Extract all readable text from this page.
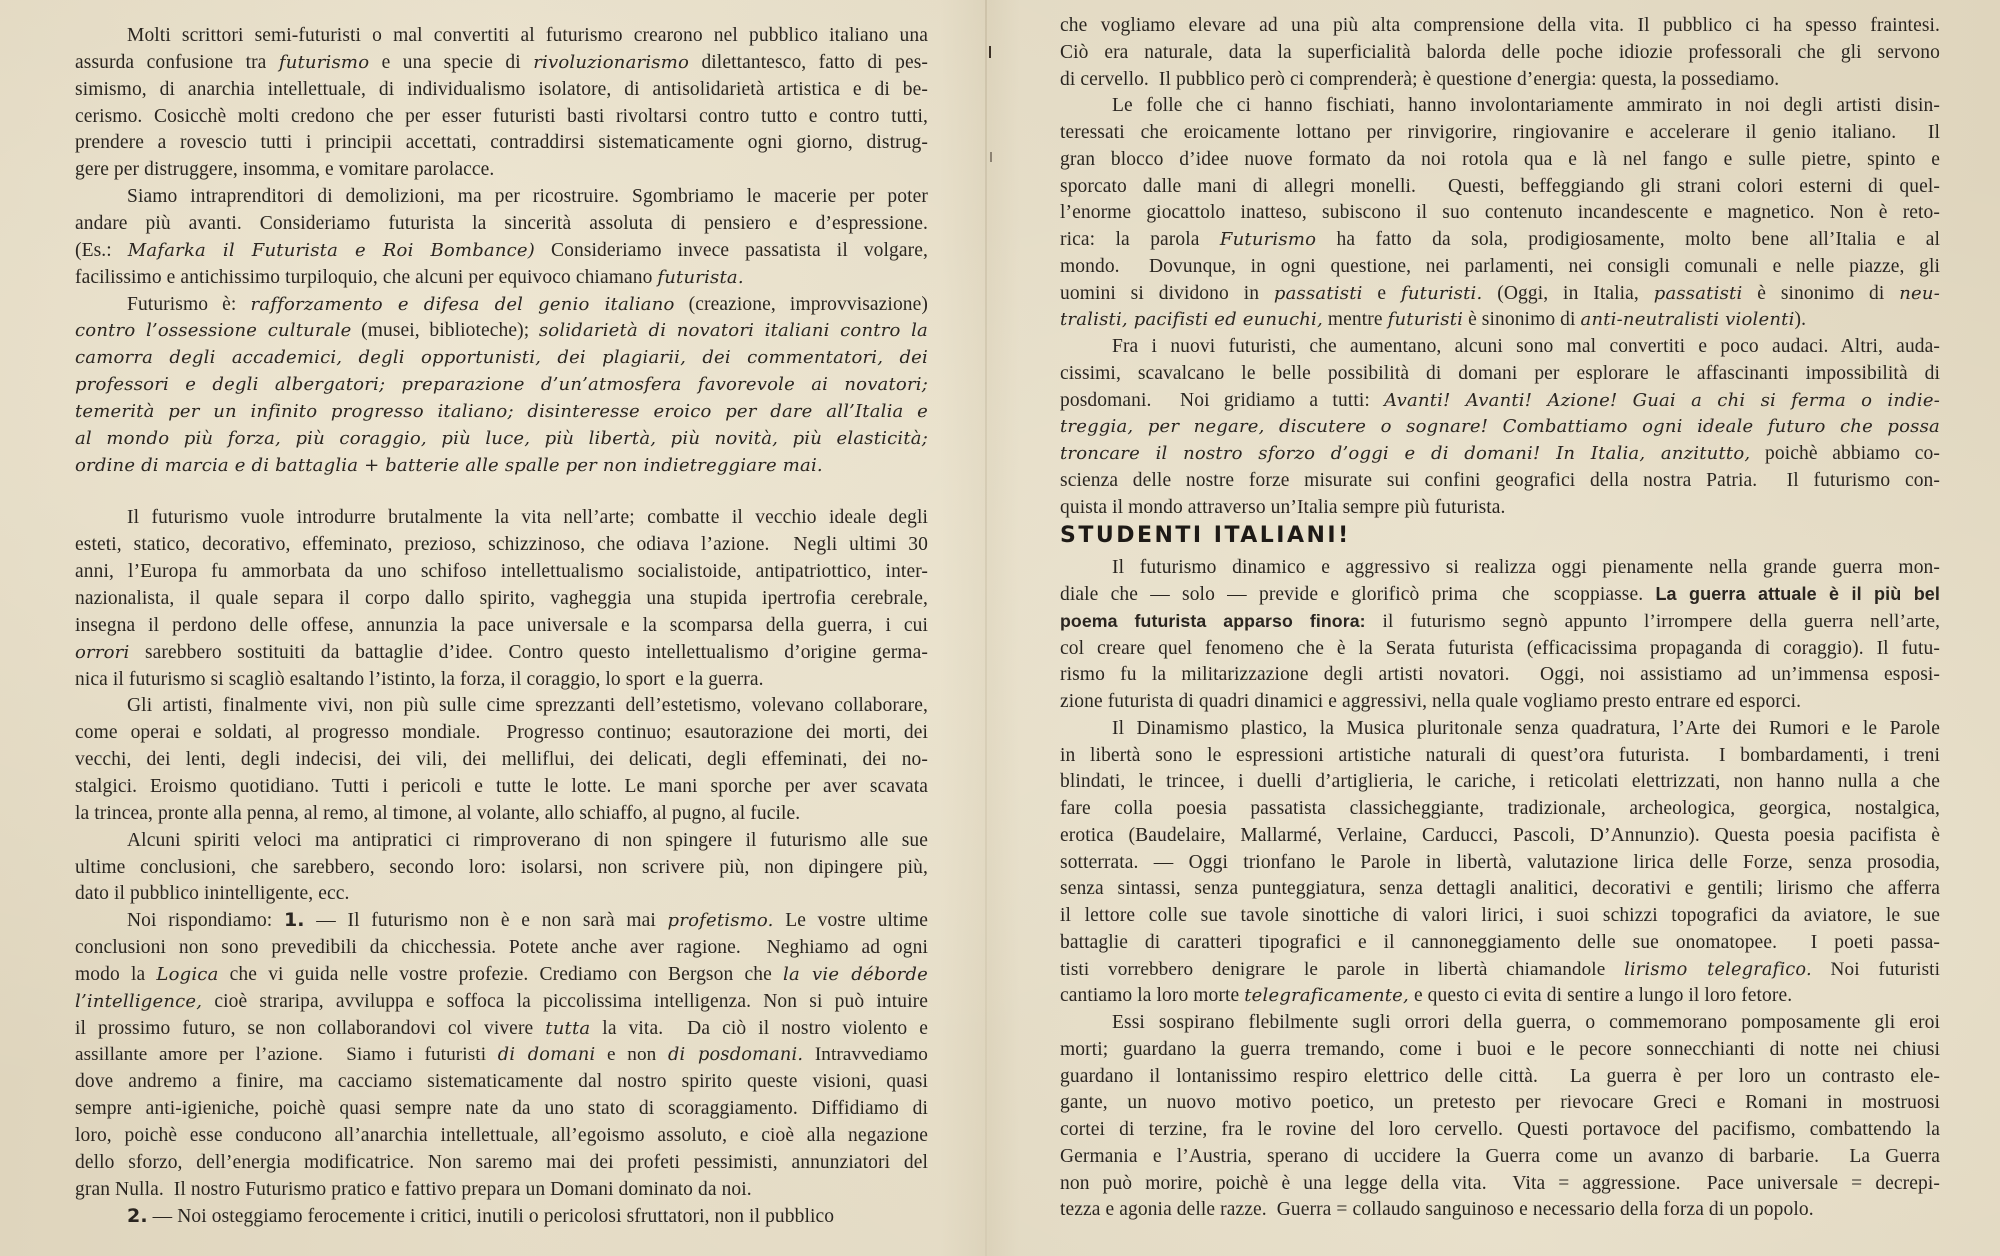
Molti scrittori semi-futuristi o mal convertiti al futurismo crearono nel pubblico italiano una
assurda confusione tra futurismo e una specie di rivoluzionarismo dilettantesco, fatto di pes-
simismo, di anarchia intellettuale, di individualismo isolatore, di antisolidarietà artistica e di be-
cerismo. Cosicchè molti credono che per esser futuristi basti rivoltarsi contro tutto e contro tutti,
prendere a rovescio tutti i principii accettati, contraddirsi sistematicamente ogni giorno, distrug-
gere per distruggere, insomma, e vomitare parolacce.
Siamo intraprenditori di demolizioni, ma per ricostruire. Sgombriamo le macerie per poter
andare più avanti. Consideriamo futurista la sincerità assoluta di pensiero e d’espressione.
(Es.: Mafarka il Futurista e Roi Bombance) Consideriamo invece passatista il volgare,
facilissimo e antichissimo turpiloquio, che alcuni per equivoco chiamano futurista.
Futurismo è: rafforzamento e difesa del genio italiano (creazione, improvvisazione)
contro l’ossessione culturale (musei, biblioteche); solidarietà di novatori italiani contro la
camorra degli accademici, degli opportunisti, dei plagiarii, dei commentatori, dei
professori e degli albergatori; preparazione d’un’atmosfera favorevole ai novatori;
temerità per un infinito progresso italiano; disinteresse eroico per dare all’Italia e
al mondo più forza, più coraggio, più luce, più libertà, più novità, più elasticità;
ordine di marcia e di battaglia + batterie alle spalle per non indietreggiare mai.
Il futurismo vuole introdurre brutalmente la vita nell’arte; combatte il vecchio ideale degli
esteti, statico, decorativo, effeminato, prezioso, schizzinoso, che odiava l’azione.  Negli ultimi 30
anni, l’Europa fu ammorbata da uno schifoso intellettualismo socialistoide, antipatriottico, inter-
nazionalista, il quale separa il corpo dallo spirito, vagheggia una stupida ipertrofia cerebrale,
insegna il perdono delle offese, annunzia la pace universale e la scomparsa della guerra, i cui
orrori sarebbero sostituiti da battaglie d’idee. Contro questo intellettualismo d’origine germa-
nica il futurismo si scagliò esaltando l’istinto, la forza, il coraggio, lo sport  e la guerra.
Gli artisti, finalmente vivi, non più sulle cime sprezzanti dell’estetismo, volevano collaborare,
come operai e soldati, al progresso mondiale.  Progresso continuo; esautorazione dei morti, dei
vecchi, dei lenti, degli indecisi, dei vili, dei melliflui, dei delicati, degli effeminati, dei no-
stalgici. Eroismo quotidiano. Tutti i pericoli e tutte le lotte. Le mani sporche per aver scavata
la trincea, pronte alla penna, al remo, al timone, al volante, allo schiaffo, al pugno, al fucile.
Alcuni spiriti veloci ma antipratici ci rimproverano di non spingere il futurismo alle sue
ultime conclusioni, che sarebbero, secondo loro: isolarsi, non scrivere più, non dipingere più,
dato il pubblico inintelligente, ecc.
Noi rispondiamo: 1. — Il futurismo non è e non sarà mai profetismo. Le vostre ultime
conclusioni non sono prevedibili da chicchessia. Potete anche aver ragione.  Neghiamo ad ogni
modo la Logica che vi guida nelle vostre profezie. Crediamo con Bergson che la vie déborde
l’intelligence, cioè straripa, avviluppa e soffoca la piccolissima intelligenza. Non si può intuire
il prossimo futuro, se non collaborandovi col vivere tutta la vita.  Da ciò il nostro violento e
assillante amore per l’azione.  Siamo i futuristi di domani e non di posdomani. Intravvediamo
dove andremo a finire, ma cacciamo sistematicamente dal nostro spirito queste visioni, quasi
sempre anti-igieniche, poichè quasi sempre nate da uno stato di scoraggiamento. Diffidiamo di
loro, poichè esse conducono all’anarchia intellettuale, all’egoismo assoluto, e cioè alla negazione
dello sforzo, dell’energia modificatrice. Non saremo mai dei profeti pessimisti, annunziatori del
gran Nulla.  Il nostro Futurismo pratico e fattivo prepara un Domani dominato da noi.
2. — Noi osteggiamo ferocemente i critici, inutili o pericolosi sfruttatori, non il pubblico
STUDENTI ITALIANI!
che vogliamo elevare ad una più alta comprensione della vita. Il pubblico ci ha spesso fraintesi.
Ciò era naturale, data la superficialità balorda delle poche idiozie professorali che gli servono
di cervello.  Il pubblico però ci comprenderà; è questione d’energia: questa, la possediamo.
Le folle che ci hanno fischiati, hanno involontariamente ammirato in noi degli artisti disin-
teressati che eroicamente lottano per rinvigorire, ringiovanire e accelerare il genio italiano.  Il
gran blocco d’idee nuove formato da noi rotola qua e là nel fango e sulle pietre, spinto e
sporcato dalle mani di allegri monelli.  Questi, beffeggiando gli strani colori esterni di quel-
l’enorme giocattolo inatteso, subiscono il suo contenuto incandescente e magnetico. Non è reto-
rica: la parola Futurismo ha fatto da sola, prodigiosamente, molto bene all’Italia e al
mondo.  Dovunque, in ogni questione, nei parlamenti, nei consigli comunali e nelle piazze, gli
uomini si dividono in passatisti e futuristi. (Oggi, in Italia, passatisti è sinonimo di neu-
tralisti, pacifisti ed eunuchi, mentre futuristi è sinonimo di anti-neutralisti violenti).
Fra i nuovi futuristi, che aumentano, alcuni sono mal convertiti e poco audaci. Altri, auda-
cissimi, scavalcano le belle possibilità di domani per esplorare le affascinanti impossibilità di
posdomani.  Noi gridiamo a tutti: Avanti! Avanti! Azione! Guai a chi si ferma o indie-
treggia, per negare, discutere o sognare! Combattiamo ogni ideale futuro che possa
troncare il nostro sforzo d’oggi e di domani! In Italia, anzitutto, poichè abbiamo co-
scienza delle nostre forze misurate sui confini geografici della nostra Patria.  Il futurismo con-
quista il mondo attraverso un’Italia sempre più futurista.
Il futurismo dinamico e aggressivo si realizza oggi pienamente nella grande guerra mon-
diale che — solo — previde e glorificò prima  che  scoppiasse. La guerra attuale è il più bel
poema futurista apparso finora: il futurismo segnò appunto l’irrompere della guerra nell’arte,
col creare quel fenomeno che è la Serata futurista (efficacissima propaganda di coraggio). Il futu-
rismo fu la militarizzazione degli artisti novatori.  Oggi, noi assistiamo ad un’immensa esposi-
zione futurista di quadri dinamici e aggressivi, nella quale vogliamo presto entrare ed esporci.
Il Dinamismo plastico, la Musica pluritonale senza quadratura, l’Arte dei Rumori e le Parole
in libertà sono le espressioni artistiche naturali di quest’ora futurista.  I bombardamenti, i treni
blindati, le trincee, i duelli d’artiglieria, le cariche, i reticolati elettrizzati, non hanno nulla a che
fare colla poesia passatista classicheggiante, tradizionale, archeologica, georgica, nostalgica,
erotica (Baudelaire, Mallarmé, Verlaine, Carducci, Pascoli, D’Annunzio). Questa poesia pacifista è
sotterrata. — Oggi trionfano le Parole in libertà, valutazione lirica delle Forze, senza prosodia,
senza sintassi, senza punteggiatura, senza dettagli analitici, decorativi e gentili; lirismo che afferra
il lettore colle sue tavole sinottiche di valori lirici, i suoi schizzi topografici da aviatore, le sue
battaglie di caratteri tipografici e il cannoneggiamento delle sue onomatopee.  I poeti passa-
tisti vorrebbero denigrare le parole in libertà chiamandole lirismo telegrafico. Noi futuristi
cantiamo la loro morte telegraficamente, e questo ci evita di sentire a lungo il loro fetore.
Essi sospirano flebilmente sugli orrori della guerra, o commemorano pomposamente gli eroi
morti; guardano la guerra tremando, come i buoi e le pecore sonnecchianti di notte nei chiusi
guardano il lontanissimo respiro elettrico delle città.  La guerra è per loro un contrasto ele-
gante, un nuovo motivo poetico, un pretesto per rievocare Greci e Romani in mostruosi
cortei di terzine, fra le rovine del loro cervello. Questi portavoce del pacifismo, combattendo la
Germania e l’Austria, sperano di uccidere la Guerra come un avanzo di barbarie.  La Guerra
non può morire, poichè è una legge della vita.  Vita = aggressione.  Pace universale = decrepi-
tezza e agonia delle razze.  Guerra = collaudo sanguinoso e necessario della forza di un popolo.
